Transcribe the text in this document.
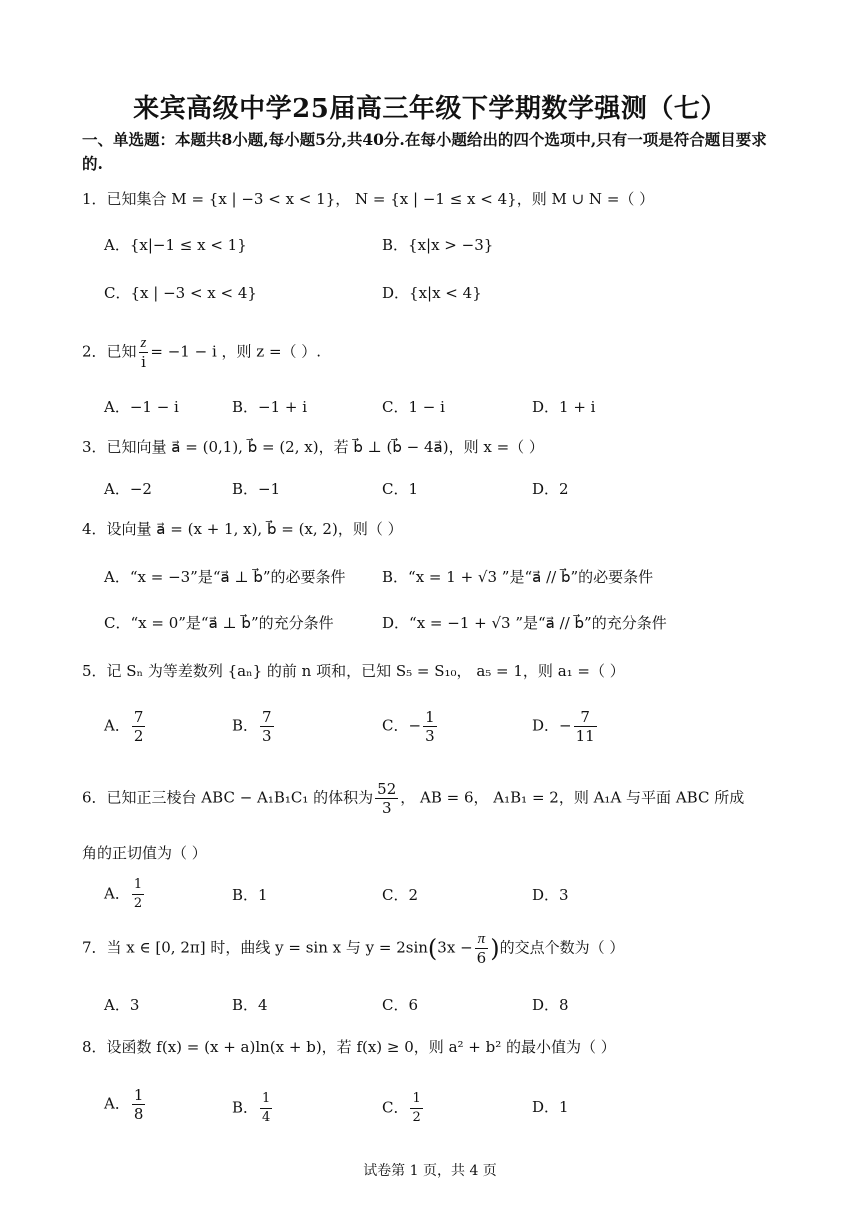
来宾高级中学25届高三年级下学期数学强测（七）
一、单选题：本题共8小题,每小题5分,共40分.在每小题给出的四个选项中,只有一项是符合题目要求的.
1．已知集合 M = {x | −3 < x < 1}， N = {x | −1 ≤ x < 4}，则 M ∪ N =（ ）
A．{x|−1 ≤ x < 1}	B．{x|x > −3}
C．{x | −3 < x < 4}	D．{x|x < 4}
2．已知 $\frac{z}{i} = -1 - i$ ，则 z =（ ）.
A．−1 − i	B．−1 + i	C．1 − i	D．1 + i
3．已知向量 a⃗ = (0,1), b⃗ = (2, x)，若 b⃗ ⊥ (b⃗ − 4a⃗)，则 x =（ ）
A．−2	B．−1	C．1	D．2
4．设向量 a⃗ = (x + 1, x), b⃗ = (x, 2)，则（ ）
A．“x = −3”是“a⃗ ⊥ b⃗”的必要条件 B．“x = 1 + √3 ”是“a⃗ // b⃗”的必要条件
C．“x = 0”是“a⃗ ⊥ b⃗”的充分条件	D．“x = −1 + √3 ”是“a⃗ // b⃗”的充分条件
5．记 Sₙ 为等差数列 {aₙ} 的前 n 项和，已知 S₅ = S₁₀， a₅ = 1，则 a₁ =（ ）
A． $\frac{7}{2}$	B． $\frac{7}{3}$	C．− $\frac{1}{3}$	D．− $\frac{7}{11}$
6．已知正三棱台 ABC − A₁B₁C₁ 的体积为 $\frac{52}{3}$ ， AB = 6， A₁B₁ = 2，则 A₁A 与平面 ABC 所成
角的正切值为（ ）
A． $\frac{1}{2}$	B．1	C．2	D．3
7．当 x ∈ [0, 2π] 时，曲线 y = sin x 与 $y = 2\sin(3x - \frac{\pi}{6}$ )的交点个数为（ ）
A．3	B．4	C．6	D．8
8．设函数 f(x) = (x + a)ln(x + b)，若 f(x) ≥ 0，则 a² + b² 的最小值为（ ）
A． $\frac{1}{8}$	B． $\frac{1}{4}$	C． $\frac{1}{2}$	D．1
试卷第 1 页，共 4 页
